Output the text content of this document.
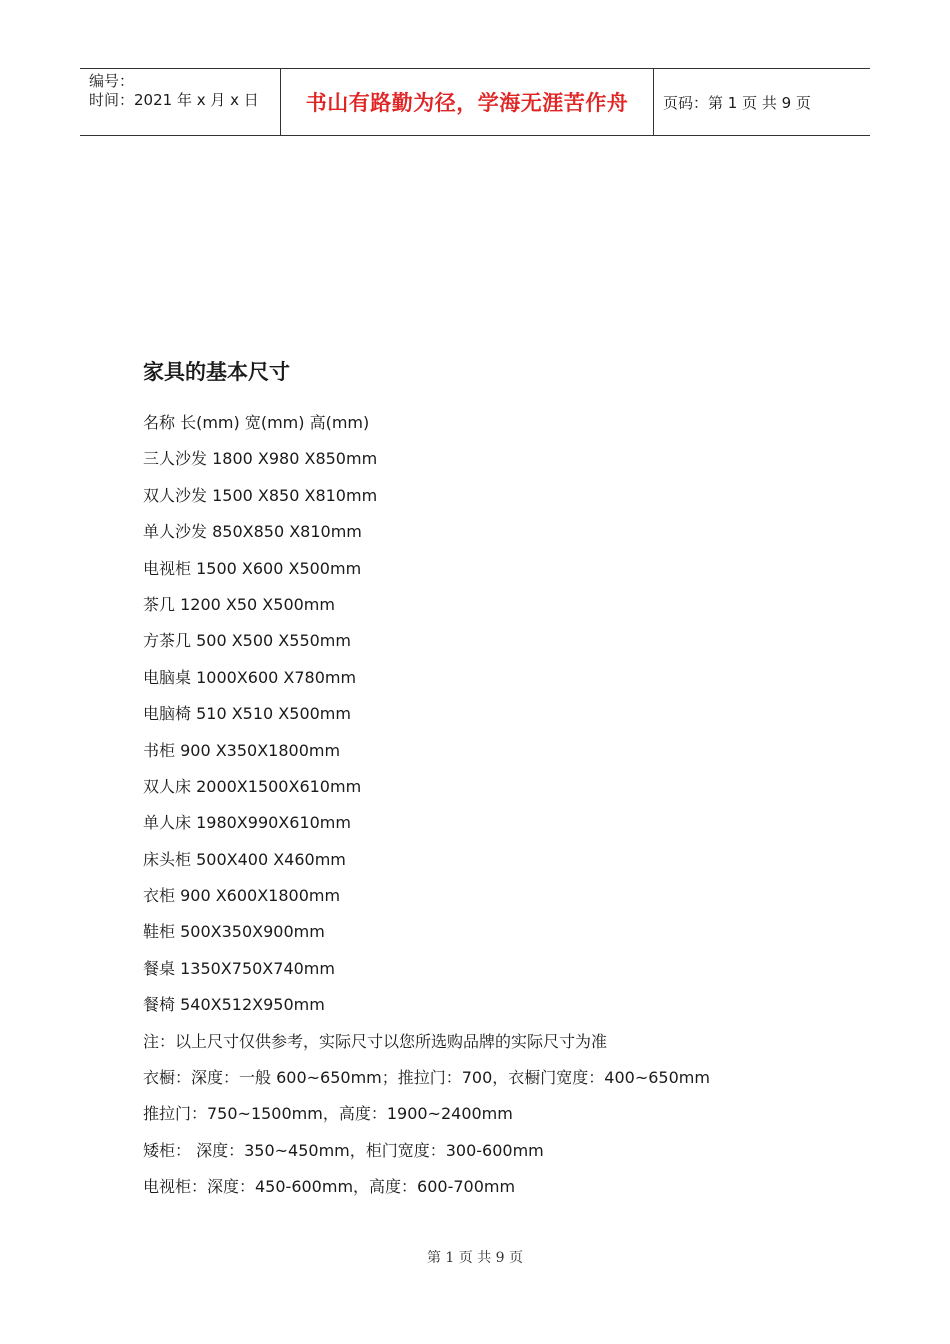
编号：
时间：2021 年 x 月 x 日	书山有路勤为径，学海无涯苦作舟	页码：第 1 页 共 9 页
家具的基本尺寸
名称 长(mm) 宽(mm) 高(mm)
三人沙发 1800 X980 X850mm
双人沙发 1500 X850 X810mm
单人沙发 850X850 X810mm
电视柜 1500 X600 X500mm
茶几 1200 X50 X500mm
方茶几 500 X500 X550mm
电脑桌 1000X600 X780mm
电脑椅 510 X510 X500mm
书柜 900 X350X1800mm
双人床 2000X1500X610mm
单人床 1980X990X610mm
床头柜 500X400 X460mm
衣柜 900 X600X1800mm
鞋柜 500X350X900mm
餐桌 1350X750X740mm
餐椅 540X512X950mm
注：以上尺寸仅供参考，实际尺寸以您所选购品牌的实际尺寸为准
衣橱：深度：一般 600~650mm；推拉门：700，衣橱门宽度：400~650mm
推拉门：750~1500mm，高度：1900~2400mm
矮柜： 深度：350~450mm，柜门宽度：300-600mm
电视柜：深度：450-600mm，高度：600-700mm
第 1 页 共 9 页
